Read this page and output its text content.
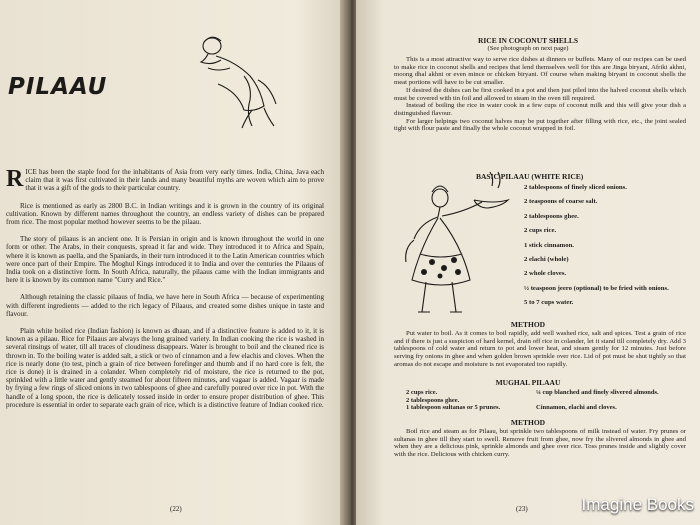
PILAAU

RICE has been the staple food for the inhabitants of Asia from very early times. India, China, Java each claim that it was first cultivated in their lands and many beautiful myths are woven which aim to prove that it was a gift of the gods to their particular country.

Rice is mentioned as early as 2800 B.C. in Indian writings and it is grown in the country of its original cultivation. Known by different names throughout the country, an endless variety of dishes can be prepared from rice. The most popular method however seems to be the pilaau.

The story of pilaaus is an ancient one. It is Persian in origin and is known throughout the world in one form or other. The Arabs, in their conquests, spread it far and wide. They introduced it to Africa and Spain, where it is known as paella, and the Spaniards, in their turn introduced it to the Latin American countries which were once part of their Empire. The Moghul Kings introduced it to India and over the centuries the Pilaaus of India took on a distinctive form. In South Africa, naturally, the pilaaus came with the Indian immigrants and here it is known by its common name "Curry and Rice."

Although retaining the classic pilaaus of India, we have here in South Africa — because of experimenting with different ingredients — added to the rich legacy of Pilaaus, and created some dishes unique in taste and flavour.

Plain white boiled rice (Indian fashion) is known as dhaan, and if a distinctive feature is added to it, it is known as a pilaau. Rice for Pilaaus are always the long grained variety. In Indian cooking the rice is washed in several rinsings of water, till all traces of cloudiness disappears. Water is brought to boil and the cleaned rice is thrown in. To the boiling water is added salt, a stick or two of cinnamon and a few elachis and cloves. When the rice is nearly done (to test, pinch a grain of rice between forefinger and thumb and if no hard core is felt, the rice is done) it is drained in a colander. When completely rid of moisture, the rice is returned to the pot, sprinkled with a little water and gently steamed for about fifteen minutes, and vagaar is added. Vagaar is made by frying a few rings of sliced onions in two tablespoons of ghee and carefully poured over rice in pot. With the handle of a long spoon, the rice is delicately tossed inside in order to ensure proper distribution of ghee. This procedure is essential in order to separate each grain of rice, which is a distinctive feature of Indian cooked rice.

(22)
RICE IN COCONUT SHELLS
(See photograph on next page)

This is a most attractive way to serve rice dishes at dinners or buffets. Many of our recipes can be used to make rice in coconut shells and recipes that lend themselves well for this are Jinga biryani, Afriki akhni, moong dhal akhni or even mince or chicken biryani. Of course when making biryani in coconut shells the meat portions will have to be cut smaller.

If desired the dishes can be first cooked in a pot and then just piled into the halved coconut shells which must be covered with tin foil and allowed to steam in the oven till required.

Instead of boiling the rice in water cook in a few cups of coconut milk and this will give your dish a distinguished flavour.

For larger helpings two coconut halves may be put together after filling with rice, etc., the joint sealed tight with flour paste and finally the whole coconut wrapped in foil.

BASIC PILAAU (WHITE RICE)
2 tablespoons of finely sliced onions.
2 teaspoons of coarse salt.
2 tablespoons ghee.
2 cups rice.
1 stick cinnamon.
2 elachi (whole)
2 whole cloves.
½ teaspoon jeero (optional) to be fried with onions.
5 to 7 cups water.
METHOD

Put water to boil. As it comes to boil rapidly, add well washed rice, salt and spices. Test a grain of rice and if there is just a suspicion of hard kernel, drain off rice in colander, let it stand till completely dry. Add 3 tablespoons of cold water and return to pot and lower heat, and steam gently for 12 minutes. Just before serving fry onions in ghee and when golden brown sprinkle over rice. Lid of pot must be shut tightly so that aromas do not escape and moisture is not evaporated too rapidly.

MUGHAL PILAAU
2 cups rice.	¼ cup blanched and finely slivered almonds.
2 tablespoons ghee.
1 tablespoon sultanas or 5 prunes.	Cinnamon, elachi and cloves.
METHOD

Boil rice and steam as for Pilaau, but sprinkle two tablespoons of milk instead of water. Fry prunes or sultanas in ghee till they start to swell. Remove fruit from ghee, now fry the slivered almonds in ghee and when they are a delicious pink, sprinkle almonds and ghee over rice. Toss prunes inside and slightly cover with the rice. Delicious with chicken curry.

(23)	Imagine Books
